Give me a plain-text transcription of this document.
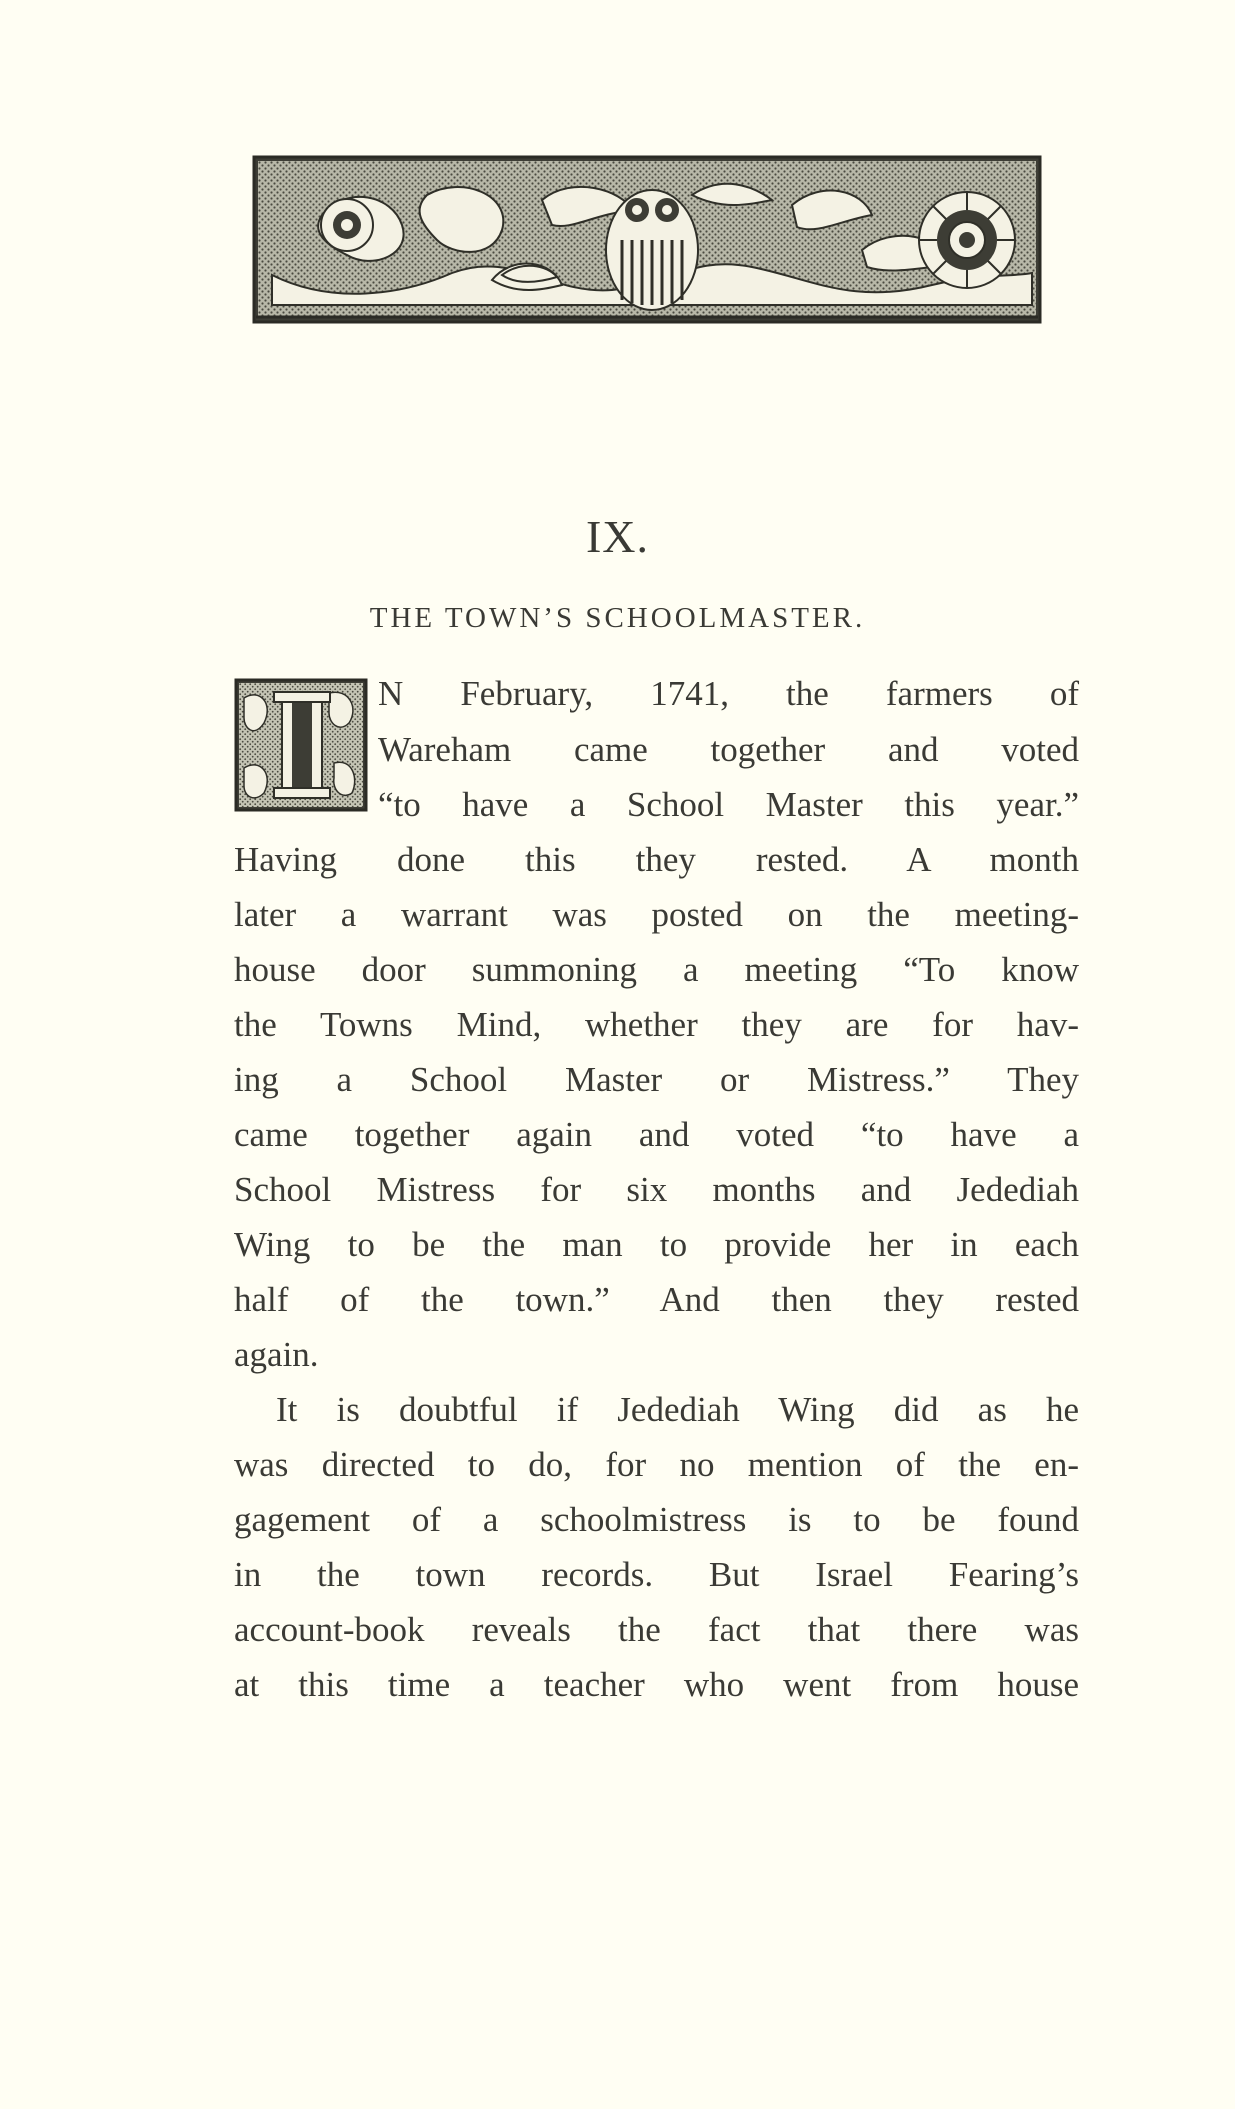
IX.
THE TOWN’S SCHOOLMASTER.
N February, 1741, the farmers of
Wareham came together and voted
“to have a School Master this year.”
Having done this they rested. A month
later a warrant was posted on the meeting-
house door summoning a meeting “To know
the Towns Mind, whether they are for hav-
ing a School Master or Mistress.” They
came together again and voted “to have a
School Mistress for six months and Jedediah
Wing to be the man to provide her in each
half of the town.” And then they rested
again.
It is doubtful if Jedediah Wing did as he
was directed to do, for no mention of the en-
gagement of a schoolmistress is to be found
in the town records. But Israel Fearing’s
account-book reveals the fact that there was
at this time a teacher who went from house
